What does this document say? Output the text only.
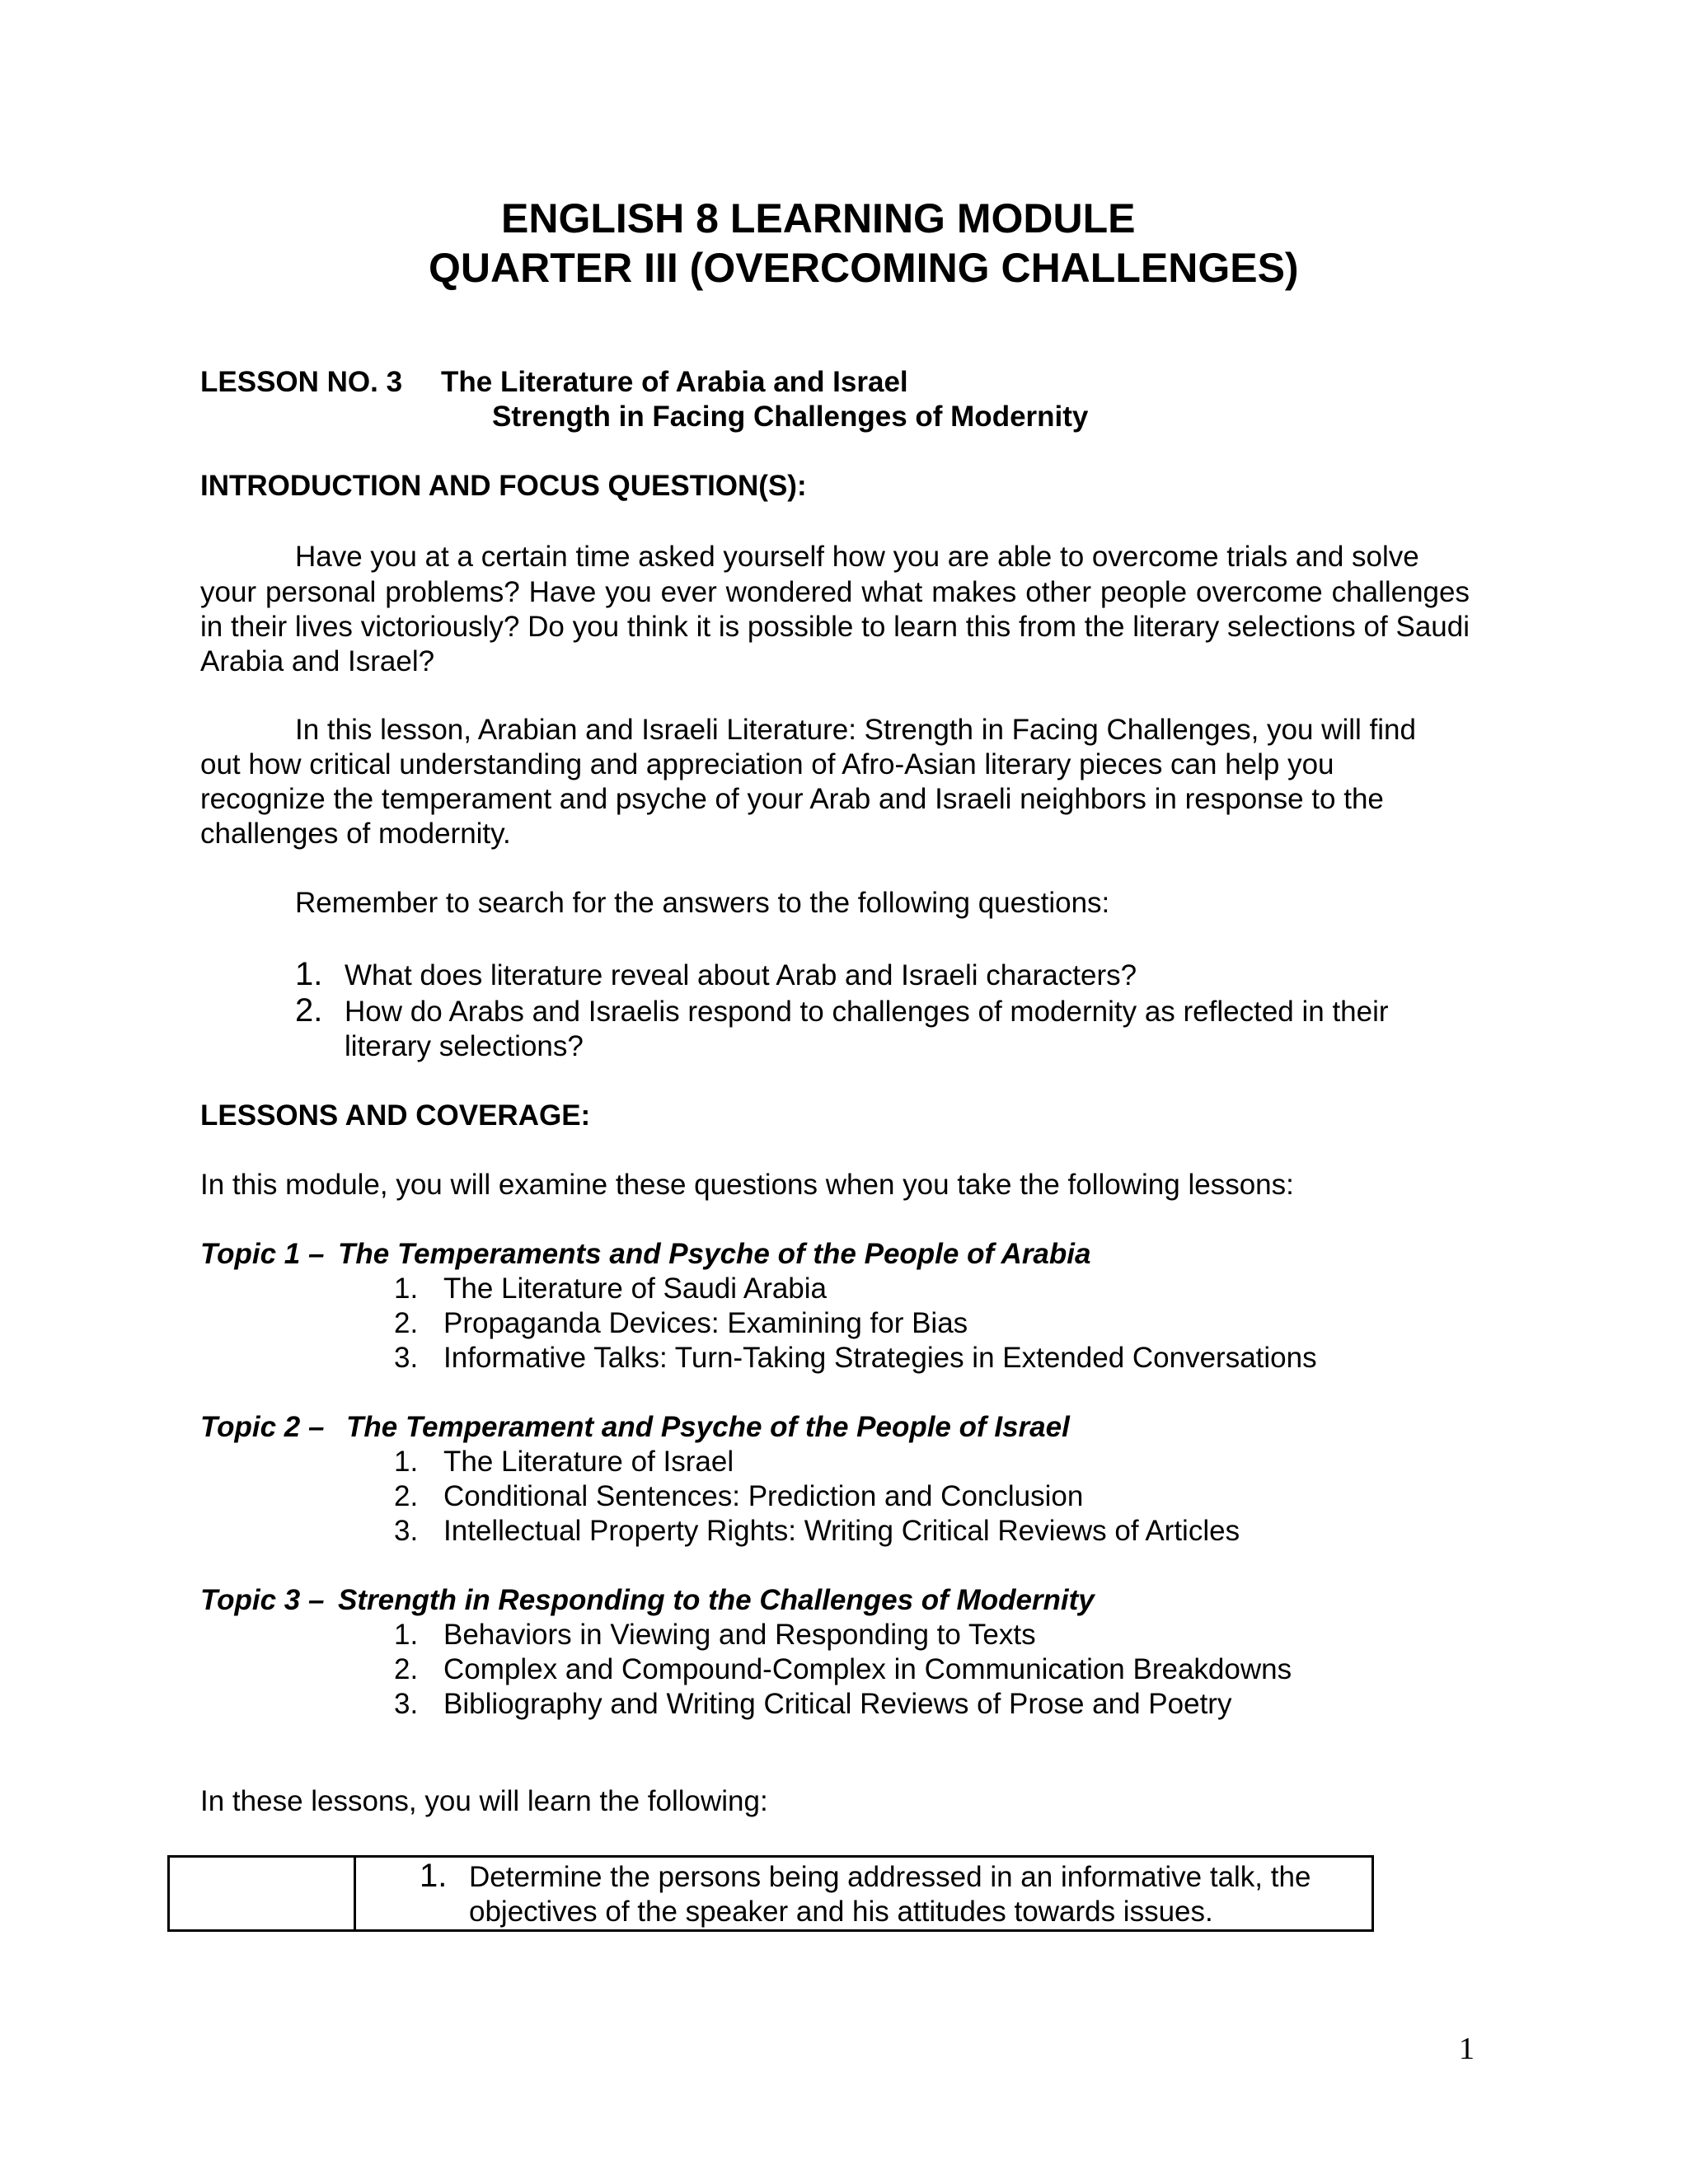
ENGLISH 8 LEARNING MODULE
QUARTER III (OVERCOMING CHALLENGES)
LESSON NO. 3 The Literature of Arabia and Israel
Strength in Facing Challenges of Modernity
INTRODUCTION AND FOCUS QUESTION(S):
Have you at a certain time asked yourself how you are able to overcome trials and solve
your personal problems? Have you ever wondered what makes other people overcome challenges in their lives victoriously? Do you think it is possible to learn this from the literary selections of Saudi Arabia and Israel?
In this lesson, Arabian and Israeli Literature: Strength in Facing Challenges, you will find
out how critical understanding and appreciation of Afro-Asian literary pieces can help you
recognize the temperament and psyche of your Arab and Israeli neighbors in response to the
challenges of modernity.
Remember to search for the answers to the following questions:
1. What does literature reveal about Arab and Israeli characters?
2. How do Arabs and Israelis respond to challenges of modernity as reflected in their
literary selections?
LESSONS AND COVERAGE:
In this module, you will examine these questions when you take the following lessons:
Topic 1 – The Temperaments and Psyche of the People of Arabia
1. The Literature of Saudi Arabia
2. Propaganda Devices: Examining for Bias
3. Informative Talks: Turn-Taking Strategies in Extended Conversations
Topic 2 – The Temperament and Psyche of the People of Israel
1. The Literature of Israel
2. Conditional Sentences: Prediction and Conclusion
3. Intellectual Property Rights: Writing Critical Reviews of Articles
Topic 3 – Strength in Responding to the Challenges of Modernity
1. Behaviors in Viewing and Responding to Texts
2. Complex and Compound-Complex in Communication Breakdowns
3. Bibliography and Writing Critical Reviews of Prose and Poetry
In these lessons, you will learn the following:
1. Determine the persons being addressed in an informative talk, the
objectives of the speaker and his attitudes towards issues.
1
